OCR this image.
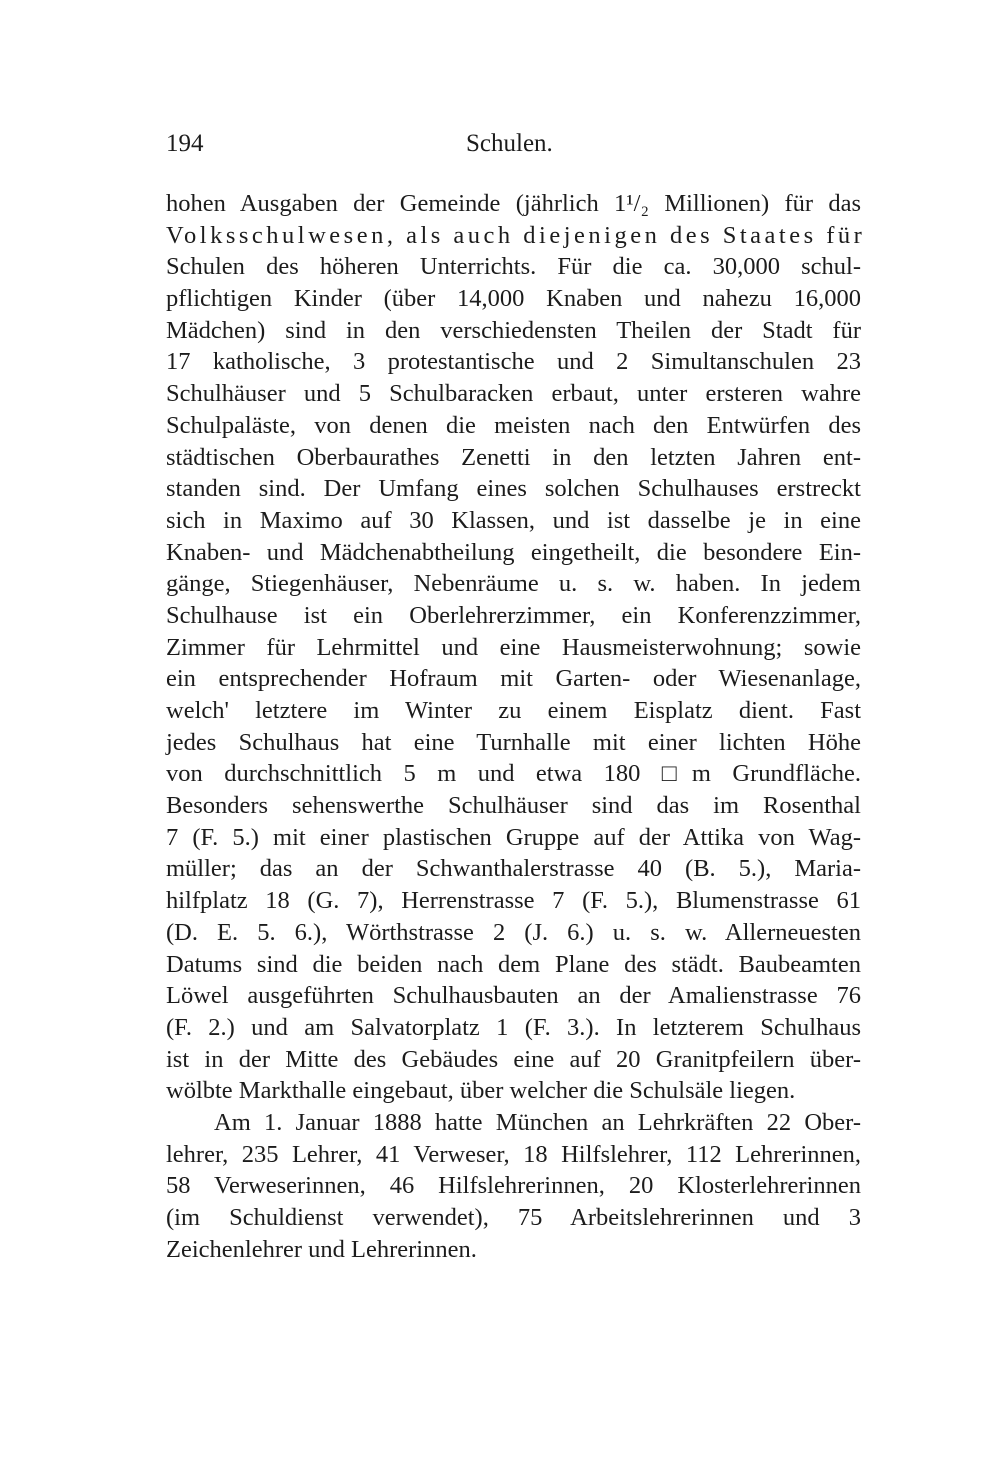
194	Schulen.
hohen Ausgaben der Gemeinde (jährlich 1¹/₂ Millionen) für das
Volksschulwesen, als auch diejenigen des Staates für
Schulen des höheren Unterrichts. Für die ca. 30,000 schul-
pflichtigen Kinder (über 14,000 Knaben und nahezu 16,000
Mädchen) sind in den verschiedensten Theilen der Stadt für
17 katholische, 3 protestantische und 2 Simultanschulen 23
Schulhäuser und 5 Schulbaracken erbaut, unter ersteren wahre
Schulpaläste, von denen die meisten nach den Entwürfen des
städtischen Oberbaurathes Zenetti in den letzten Jahren ent-
standen sind. Der Umfang eines solchen Schulhauses erstreckt
sich in Maximo auf 30 Klassen, und ist dasselbe je in eine
Knaben- und Mädchenabtheilung eingetheilt, die besondere Ein-
gänge, Stiegenhäuser, Nebenräume u. s. w. haben. In jedem
Schulhause ist ein Oberlehrerzimmer, ein Konferenzzimmer,
Zimmer für Lehrmittel und eine Hausmeisterwohnung; sowie
ein entsprechender Hofraum mit Garten- oder Wiesenanlage,
welch' letztere im Winter zu einem Eisplatz dient. Fast
jedes Schulhaus hat eine Turnhalle mit einer lichten Höhe
von durchschnittlich 5 m und etwa 180 □m Grundfläche.
Besonders sehenswerthe Schulhäuser sind das im Rosenthal
7 (F. 5.) mit einer plastischen Gruppe auf der Attika von Wag-
müller; das an der Schwanthalerstrasse 40 (B. 5.), Maria-
hilfplatz 18 (G. 7), Herrenstrasse 7 (F. 5.), Blumenstrasse 61
(D. E. 5. 6.), Wörthstrasse 2 (J. 6.) u. s. w. Allerneuesten
Datums sind die beiden nach dem Plane des städt. Baubeamten
Löwel ausgeführten Schulhausbauten an der Amalienstrasse 76
(F. 2.) und am Salvatorplatz 1 (F. 3.). In letzterem Schulhaus
ist in der Mitte des Gebäudes eine auf 20 Granitpfeilern über-
wölbte Markthalle eingebaut, über welcher die Schulsäle liegen.
Am 1. Januar 1888 hatte München an Lehrkräften 22 Ober-
lehrer, 235 Lehrer, 41 Verweser, 18 Hilfslehrer, 112 Lehrerinnen,
58 Verweserinnen, 46 Hilfslehrerinnen, 20 Klosterlehrerinnen
(im Schuldienst verwendet), 75 Arbeitslehrerinnen und 3
Zeichenlehrer und Lehrerinnen.
